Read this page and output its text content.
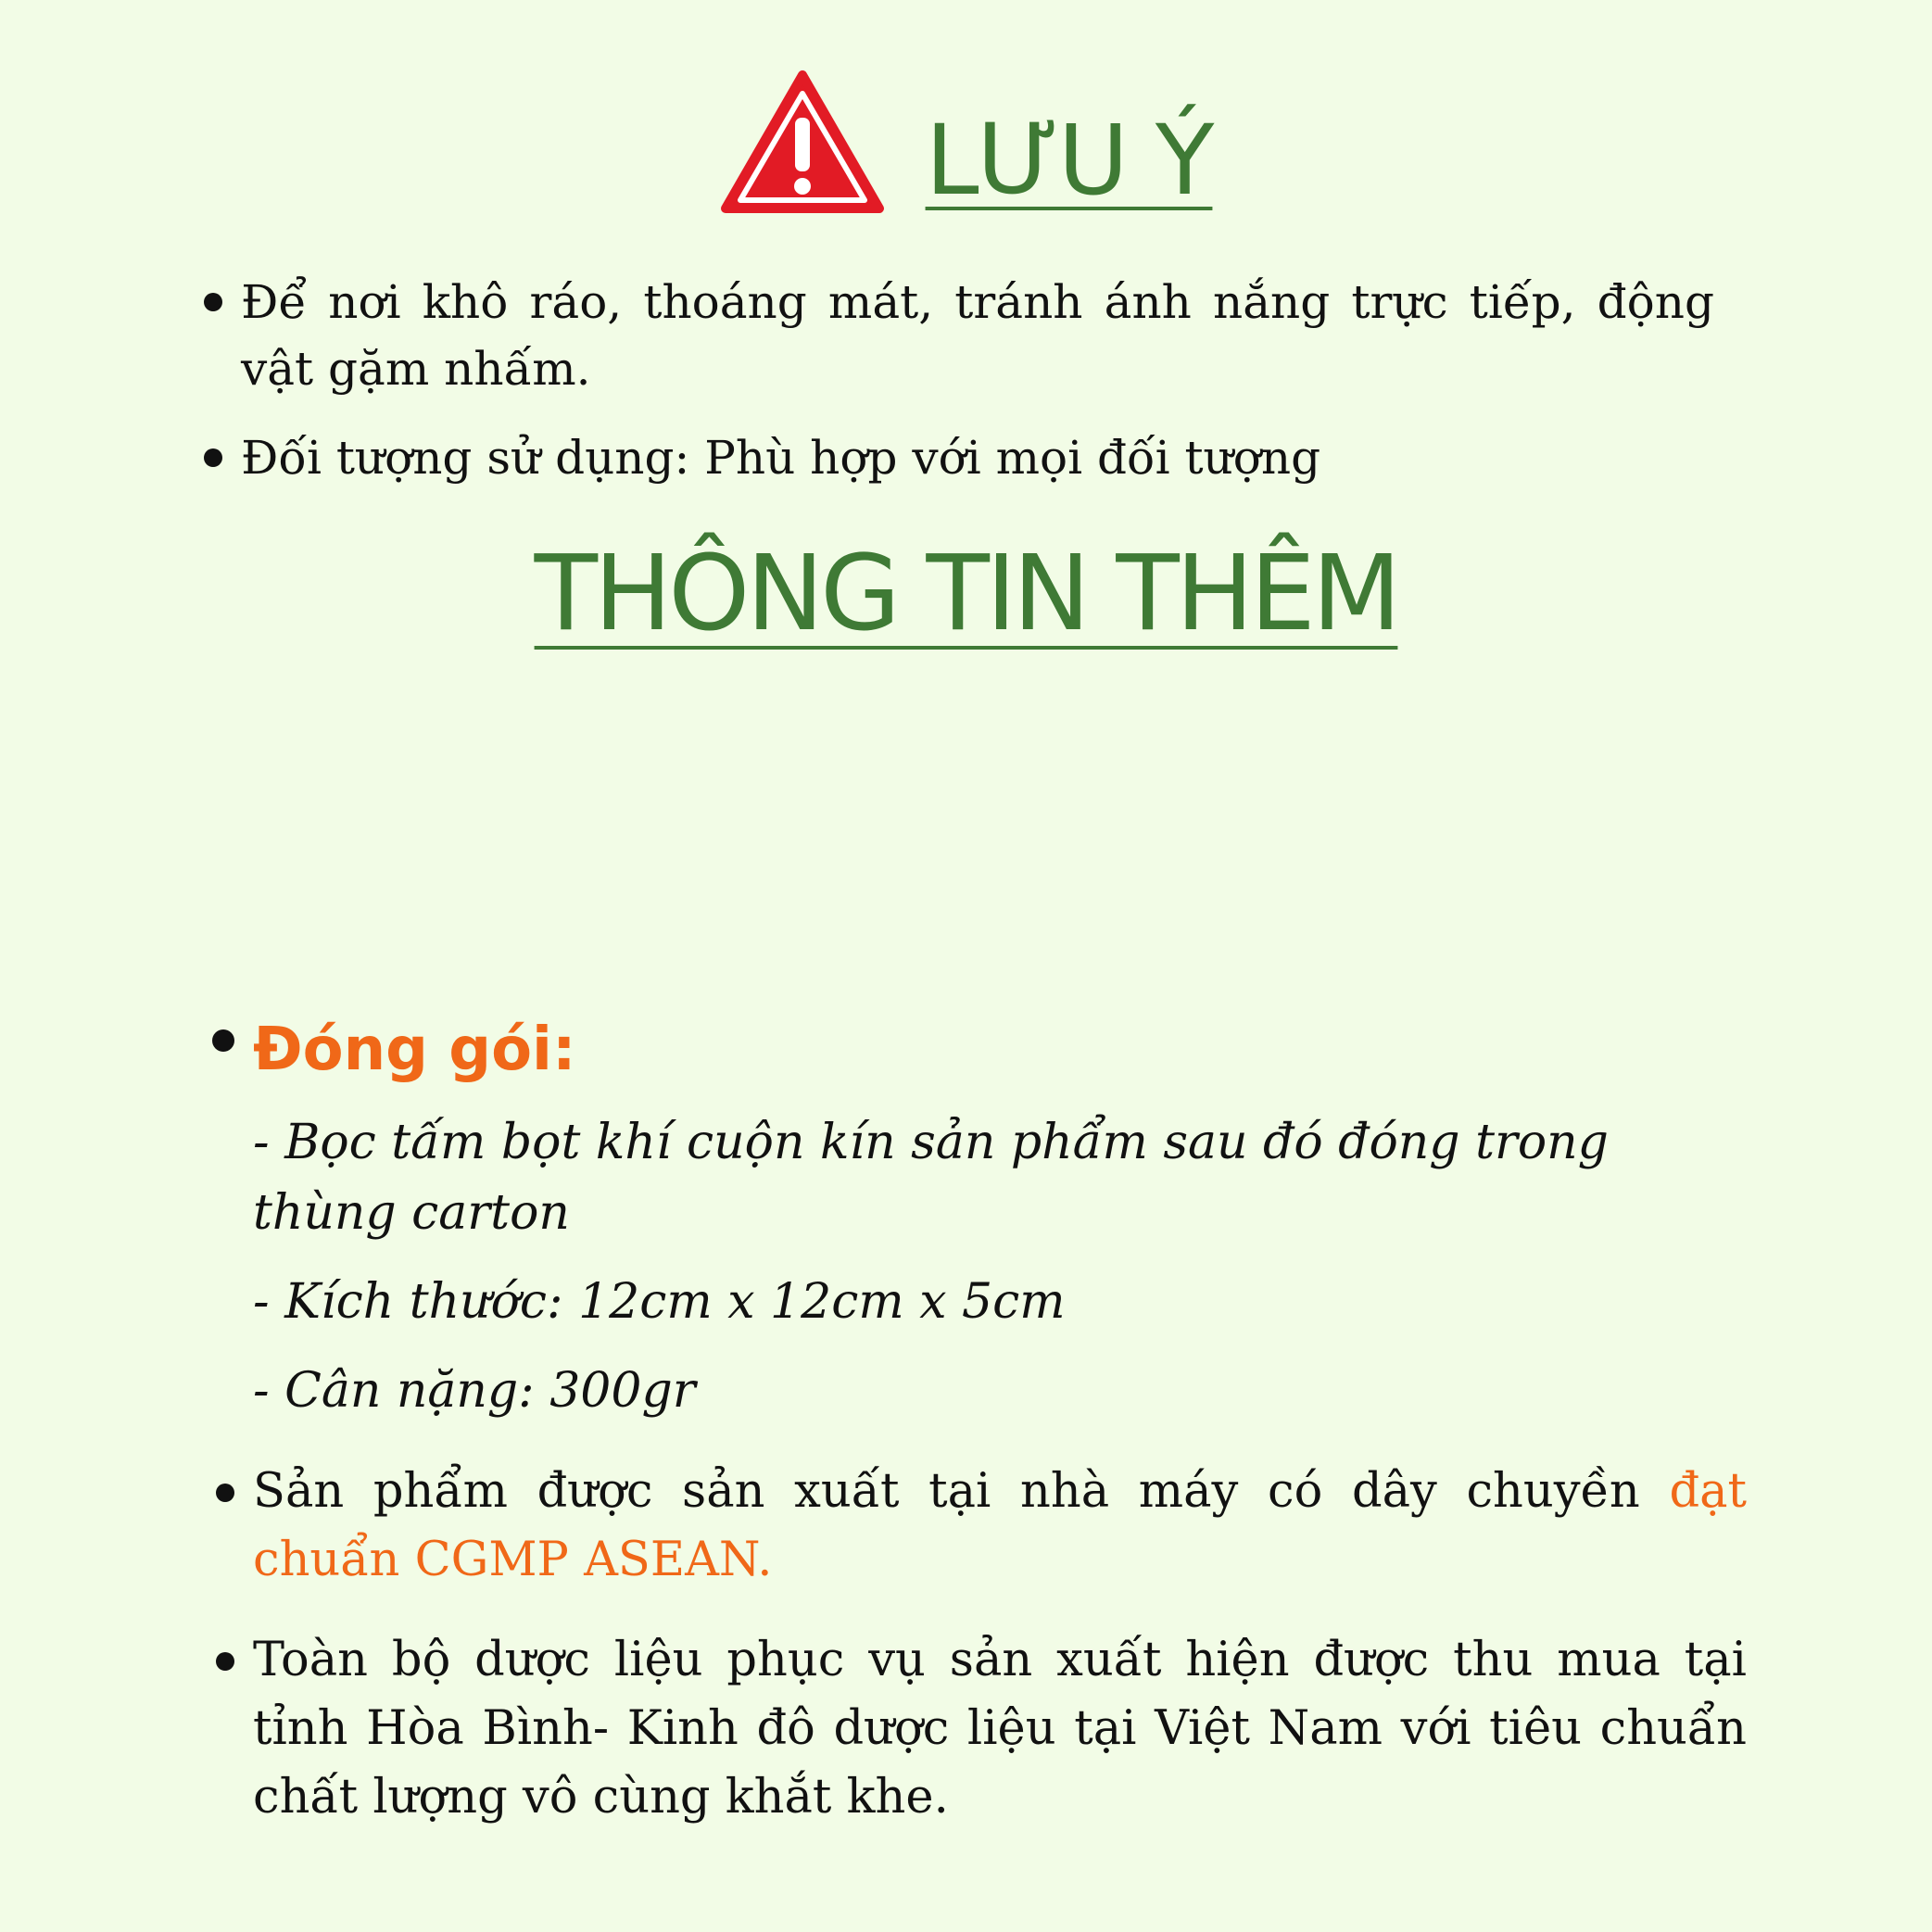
LƯU Ý
Để nơi khô ráo, thoáng mát, tránh ánh nắng trực tiếp, động vật gặm nhấm.
Đối tượng sử dụng: Phù hợp với mọi đối tượng
THÔNG TIN THÊM
Đóng gói:

- Bọc tấm bọt khí cuộn kín sản phẩm sau đó đóng trong thùng carton

- Kích thước: 12cm x 12cm x 5cm

- Cân nặng: 300gr

Sản phẩm được sản xuất tại nhà máy có dây chuyền đạt chuẩn CGMP ASEAN.
Toàn bộ dược liệu phục vụ sản xuất hiện được thu mua tại tỉnh Hòa Bình- Kinh đô dược liệu tại Việt Nam với tiêu chuẩn chất lượng vô cùng khắt khe.
